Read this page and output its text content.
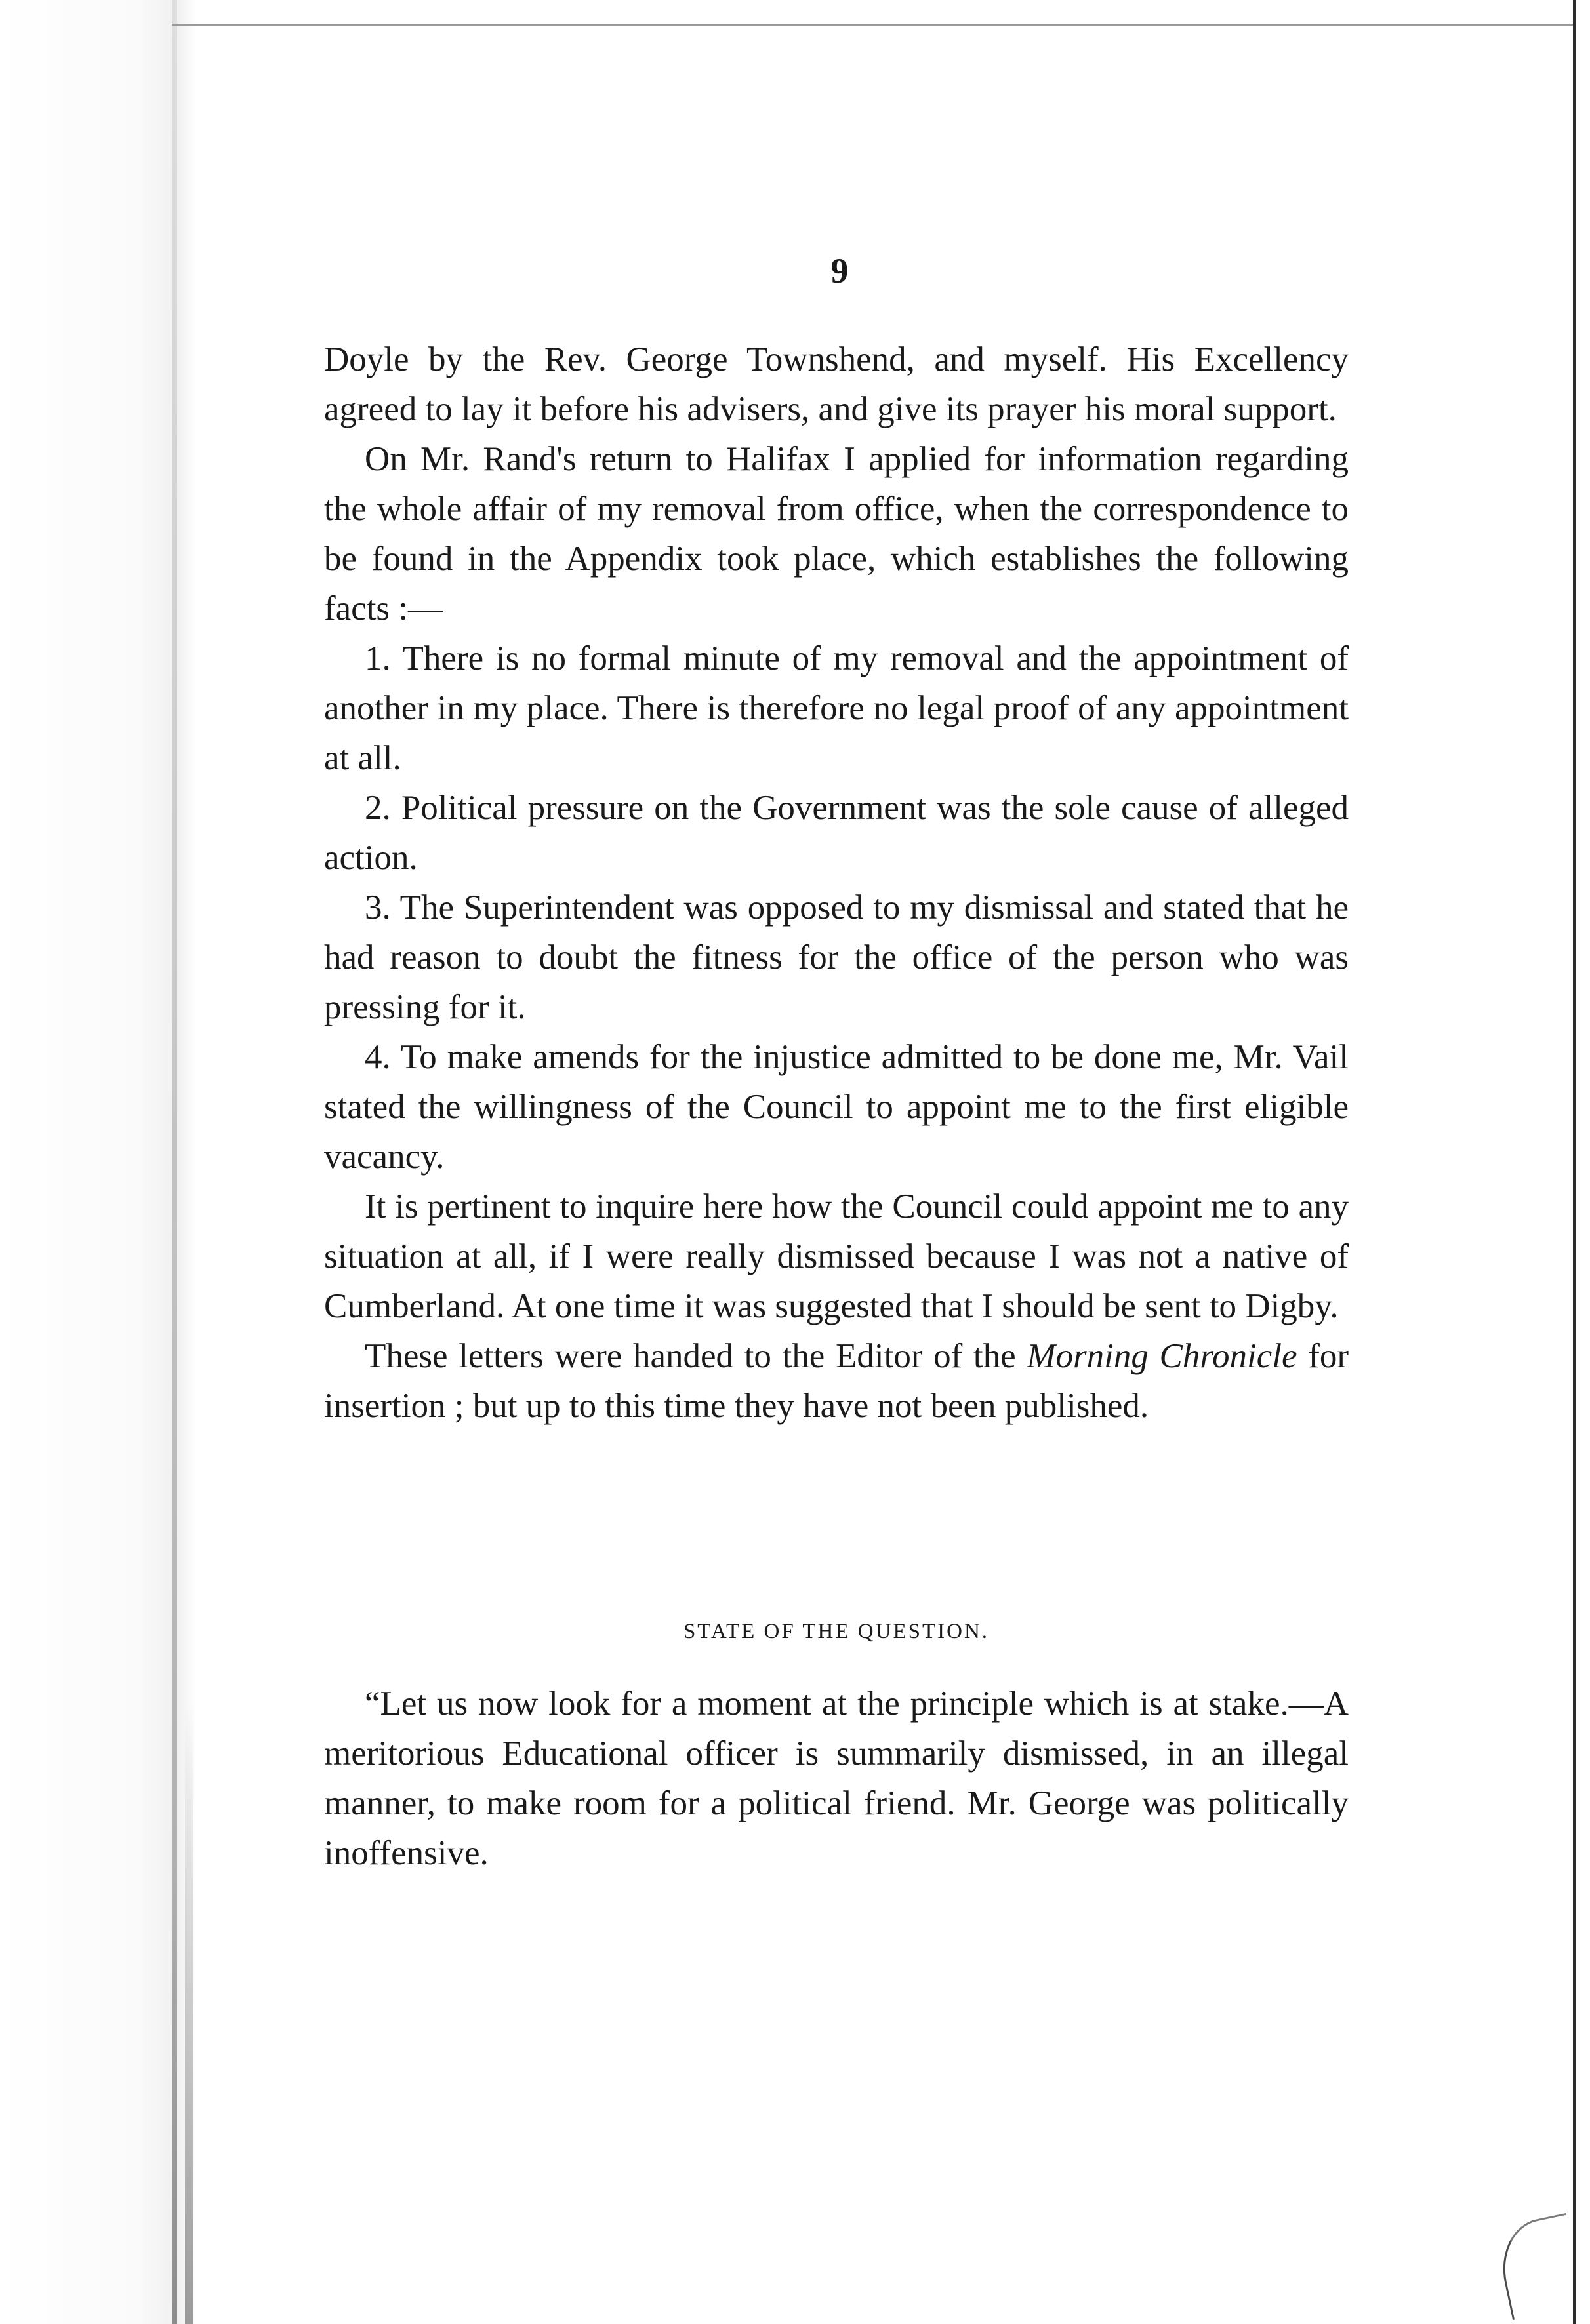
9

Doyle by the Rev. George Townshend, and myself. His Excellency agreed to lay it before his advisers, and give its prayer his moral support.

On Mr. Rand's return to Halifax I applied for information regarding the whole affair of my removal from office, when the correspondence to be found in the Appendix took place, which establishes the following facts :—

1. There is no formal minute of my removal and the appointment of another in my place. There is therefore no legal proof of any appointment at all.

2. Political pressure on the Government was the sole cause of alleged action.

3. The Superintendent was opposed to my dismissal and stated that he had reason to doubt the fitness for the office of the person who was pressing for it.

4. To make amends for the injustice admitted to be done me, Mr. Vail stated the willingness of the Council to appoint me to the first eligible vacancy.

It is pertinent to inquire here how the Council could appoint me to any situation at all, if I were really dismissed because I was not a native of Cumberland. At one time it was suggested that I should be sent to Digby.

These letters were handed to the Editor of the Morning Chronicle for insertion ; but up to this time they have not been published.

STATE OF THE QUESTION.

“Let us now look for a moment at the principle which is at stake.—A meritorious Educational officer is summarily dismissed, in an illegal manner, to make room for a political friend. Mr. George was politically inoffensive.
